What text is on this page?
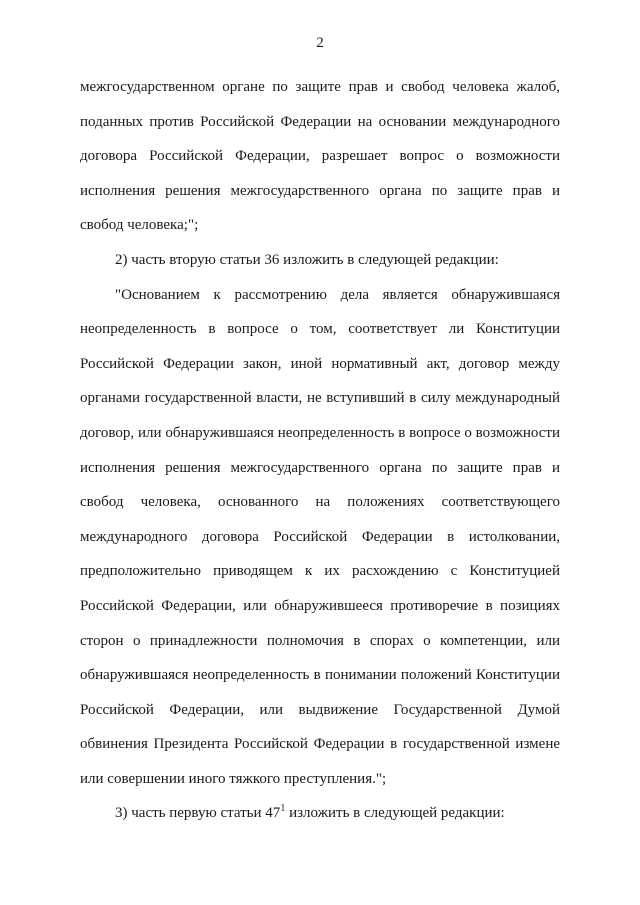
2

межгосударственном органе по защите прав и свобод человека жалоб, поданных против Российской Федерации на основании международного договора Российской Федерации, разрешает вопрос о возможности исполнения решения межгосударственного органа по защите прав и свобод человека;";

2) часть вторую статьи 36 изложить в следующей редакции:

"Основанием к рассмотрению дела является обнаружившаяся неопределенность в вопросе о том, соответствует ли Конституции Российской Федерации закон, иной нормативный акт, договор между органами государственной власти, не вступивший в силу международный договор, или обнаружившаяся неопределенность в вопросе о возможности исполнения решения межгосударственного органа по защите прав и свобод человека, основанного на положениях соответствующего международного договора Российской Федерации в истолковании, предположительно приводящем к их расхождению с Конституцией Российской Федерации, или обнаружившееся противоречие в позициях сторон о принадлежности полномочия в спорах о компетенции, или обнаружившаяся неопределенность в понимании положений Конституции Российской Федерации, или выдвижение Государственной Думой обвинения Президента Российской Федерации в государственной измене или совершении иного тяжкого преступления.";

3) часть первую статьи $47^1$ изложить в следующей редакции:
